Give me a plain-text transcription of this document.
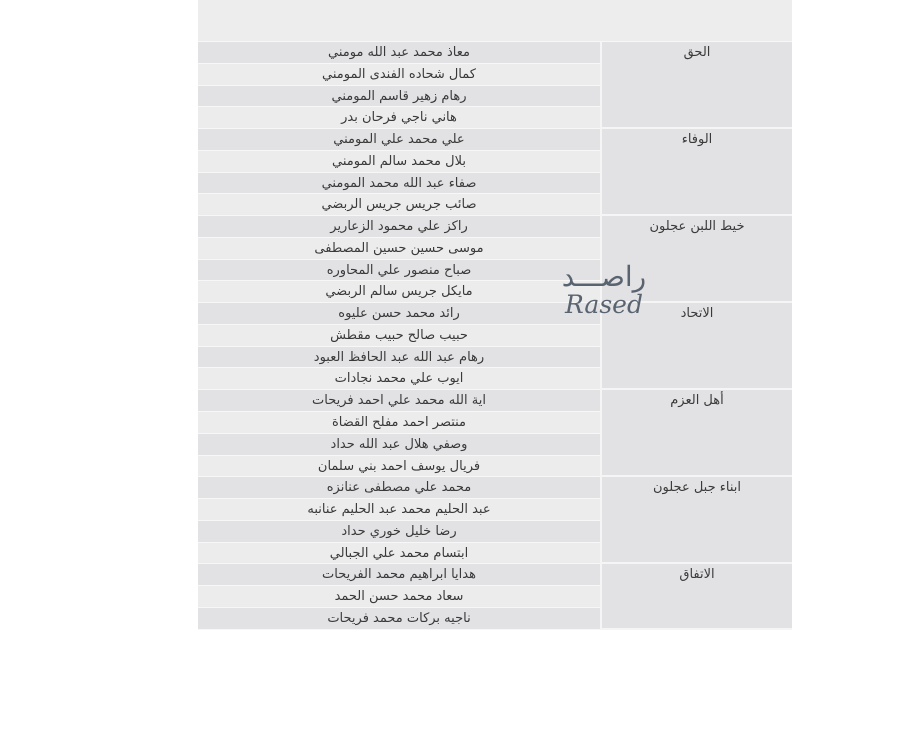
الحق
معاذ محمد عبد الله مومني
كمال شحاده الفندى المومني
رهام زهير قاسم المومني
هاني ناجي فرحان بدر
الوفاء
علي محمد علي المومني
بلال محمد سالم المومني
صفاء عبد الله محمد المومني
صائب جريس جريس الربضي
خيط اللبن عجلون
راكز علي محمود الزعارير
موسى حسين حسين المصطفى
صباح منصور علي المحاوره
مايكل جريس سالم الربضي
الاتحاد
رائد محمد حسن عليوه
حبيب صالح حبيب مقطش
رهام عبد الله عبد الحافظ العبود
ايوب علي محمد نجادات
أهل العزم
اية الله محمد علي احمد فريحات
منتصر احمد مفلح القضاة
وصفي هلال عبد الله حداد
فريال يوسف احمد بني سلمان
ابناء جبل عجلون
محمد علي مصطفى عنانزه
عبد الحليم محمد عبد الحليم عنانبه
رضا خليل خوري حداد
ابتسام محمد علي الجبالي
الاتفاق
هدايا ابراهيم محمد الفريحات
سعاد محمد حسن الحمد
ناجيه بركات محمد فريحات
راصـــد
Rased
